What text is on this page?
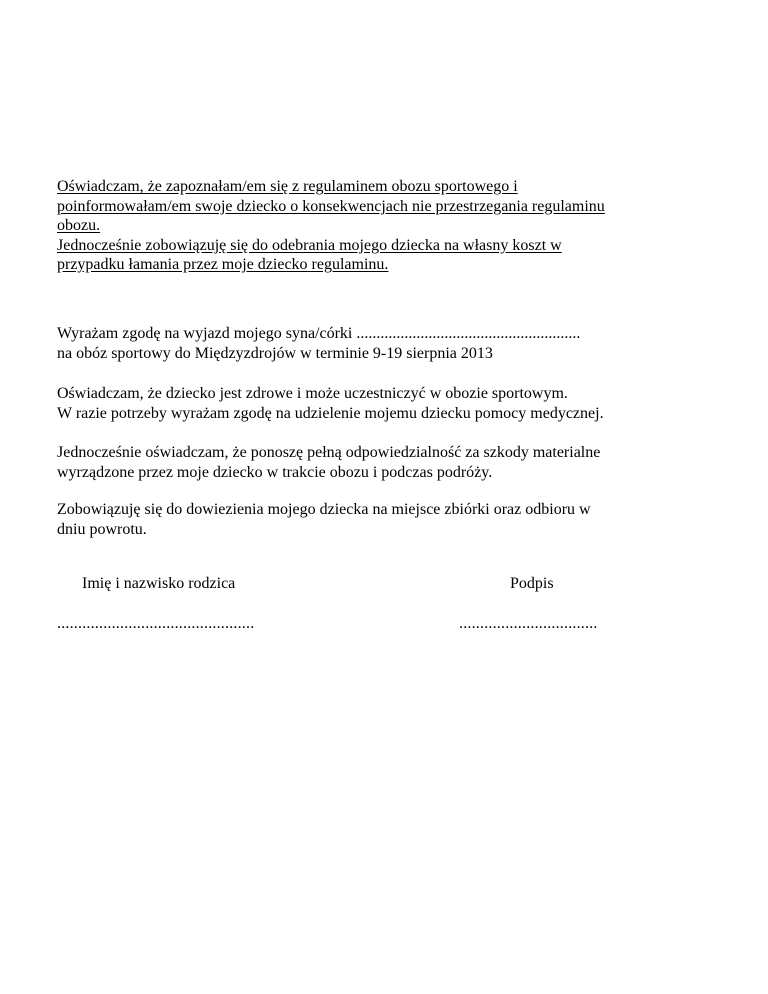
Oświadczam, że zapoznałam/em się z regulaminem obozu sportowego i
poinformowałam/em swoje dziecko o konsekwencjach nie przestrzegania regulaminu
obozu.
Jednocześnie zobowiązuję się do odebrania mojego dziecka na własny koszt w
przypadku łamania przez moje dziecko regulaminu.
Wyrażam zgodę na wyjazd mojego syna/córki ........................................................
na obóz sportowy do Międzyzdrojów w terminie 9-19 sierpnia 2013
Oświadczam, że dziecko jest zdrowe i może uczestniczyć w obozie sportowym.
W razie potrzeby wyrażam zgodę na udzielenie mojemu dziecku pomocy medycznej.
Jednocześnie oświadczam, że ponoszę pełną odpowiedzialność za szkody materialne
wyrządzone przez moje dziecko w trakcie obozu i podczas podróży.
Zobowiązuję się do dowiezienia mojego dziecka na miejsce zbiórki oraz odbioru w
dniu powrotu.
Imię i nazwisko rodzica	Podpis
...............................................	.................................
